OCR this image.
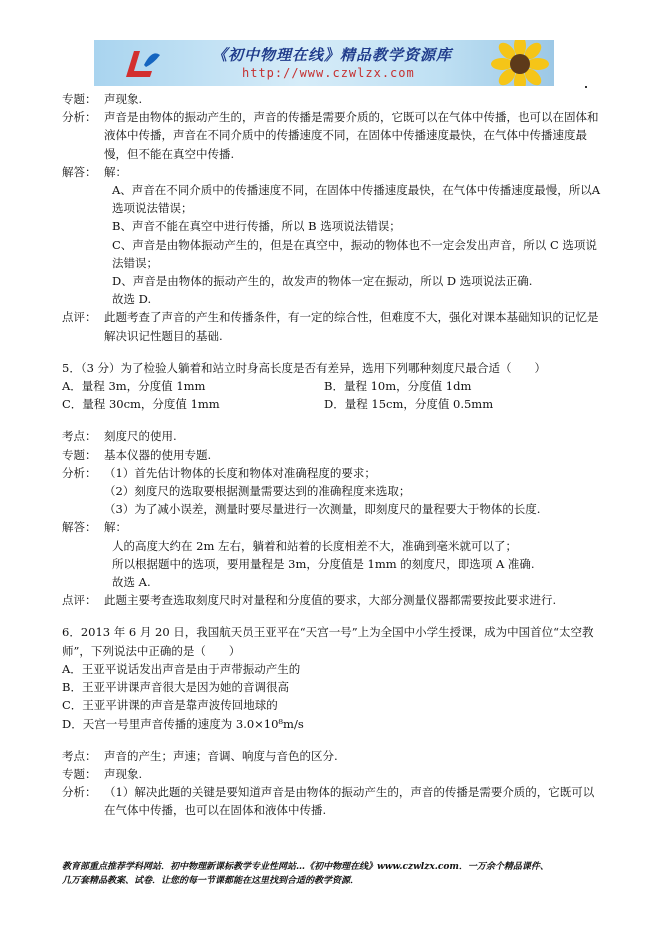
《初中物理在线》精品教学资源库
http://www.czwlzx.com
专题： 声现象.
分析： 声音是由物体的振动产生的，声音的传播是需要介质的，它既可以在气体中传播，也可以在固体和液体中传播，声音在不同介质中的传播速度不同，在固体中传播速度最快，在气体中传播速度最慢，但不能在真空中传播.
解答： 解：
A、声音在不同介质中的传播速度不同，在固体中传播速度最快，在气体中传播速度最慢，所以A选项说法错误；
B、声音不能在真空中进行传播，所以 B 选项说法错误；
C、声音是由物体振动产生的，但是在真空中，振动的物体也不一定会发出声音，所以 C 选项说法错误；
D、声音是由物体的振动产生的，故发声的物体一定在振动，所以 D 选项说法正确.
故选 D.
点评： 此题考查了声音的产生和传播条件，有一定的综合性，但难度不大，强化对课本基础知识的记忆是解决识记性题目的基础.
5．（3 分）为了检验人躺着和站立时身高长度是否有差异，选用下列哪种刻度尺最合适（　　）
A．量程 3m，分度值 1mm	B．量程 10m，分度值 1dm
C．量程 30cm，分度值 1mm	D．量程 15cm，分度值 0.5mm
考点： 刻度尺的使用.
专题： 基本仪器的使用专题.
分析： （1）首先估计物体的长度和物体对准确程度的要求；
（2）刻度尺的选取要根据测量需要达到的准确程度来选取；
（3）为了减小误差，测量时要尽量进行一次测量，即刻度尺的量程要大于物体的长度.
解答： 解：
人的高度大约在 2m 左右，躺着和站着的长度相差不大，准确到毫米就可以了；
所以根据题中的选项，要用量程是 3m，分度值是 1mm 的刻度尺，即选项 A 准确.
故选 A.
点评： 此题主要考查选取刻度尺时对量程和分度值的要求，大部分测量仪器都需要按此要求进行.
6．2013 年 6 月 20 日，我国航天员王亚平在“天宫一号”上为全国中小学生授课，成为中国首位“太空教师”，下列说法中正确的是（　　）
A．王亚平说话发出声音是由于声带振动产生的
B．王亚平讲课声音很大是因为她的音调很高
C．王亚平讲课的声音是靠声波传回地球的
D．天宫一号里声音传播的速度为 3.0×10⁸m/s
考点： 声音的产生；声速；音调、响度与音色的区分.
专题： 声现象.
分析： （1）解决此题的关键是要知道声音是由物体的振动产生的，声音的传播是需要介质的，它既可以在气体中传播，也可以在固体和液体中传播.
教育部重点推荐学科网站．初中物理新课标教学专业性网站…《初中物理在线》www.czwlzx.com．一万余个精品课件、
几万套精品教案、试卷．让您的每一节课都能在这里找到合适的教学资源．
